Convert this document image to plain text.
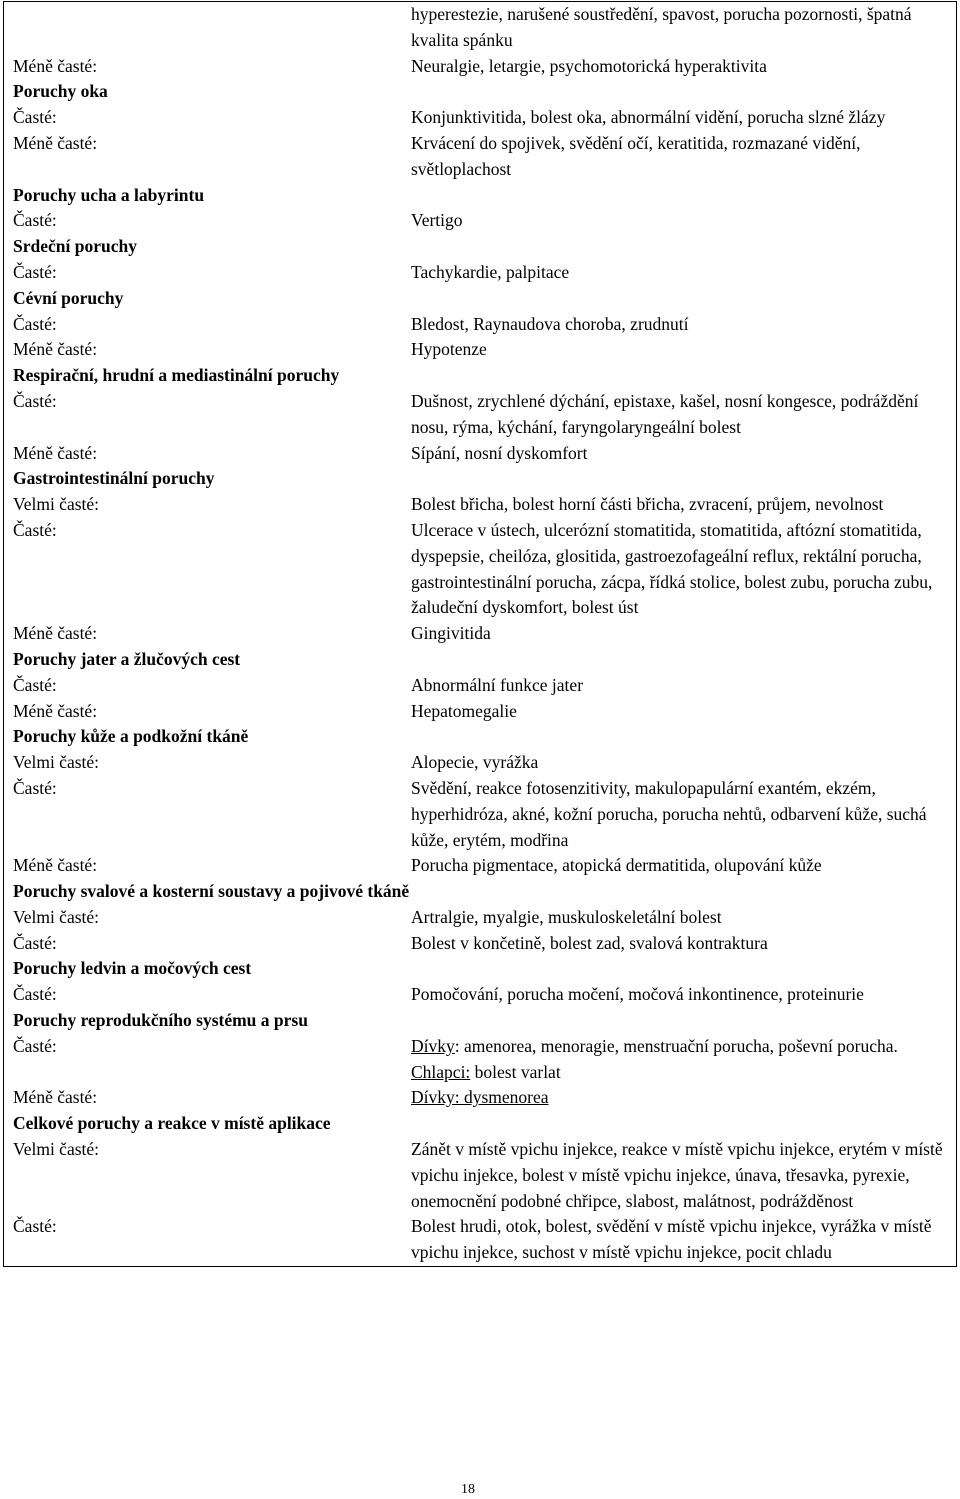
hyperestezie, narušené soustředění, spavost, porucha pozornosti, špatná kvalita spánku
Méně časté:	Neuralgie, letargie, psychomotorická hyperaktivita
Poruchy oka
Časté:	Konjunktivitida, bolest oka, abnormální vidění, porucha slzné žlázy
Méně časté:	Krvácení do spojivek, svědění očí, keratitida, rozmazané vidění, světloplachost
Poruchy ucha a labyrintu
Časté:	Vertigo
Srdeční poruchy
Časté:	Tachykardie, palpitace
Cévní poruchy
Časté:	Bledost, Raynaudova choroba, zrudnutí
Méně časté:	Hypotenze
Respirační, hrudní a mediastinální poruchy
Časté:	Dušnost, zrychlené dýchání, epistaxe, kašel, nosní kongesce, podráždění nosu, rýma, kýchání, faryngolaryngeální bolest
Méně časté:	Sípání, nosní dyskomfort
Gastrointestinální poruchy
Velmi časté:	Bolest břicha, bolest horní části břicha, zvracení, průjem, nevolnost
Časté:	Ulcerace v ústech, ulcerózní stomatitida, stomatitida, aftózní stomatitida, dyspepsie, cheilóza, glositida, gastroezofageální reflux, rektální porucha, gastrointestinální porucha, zácpa, řídká stolice, bolest zubu, porucha zubu, žaludeční dyskomfort, bolest úst
Méně časté:	Gingivitida
Poruchy jater a žlučových cest
Časté:	Abnormální funkce jater
Méně časté:	Hepatomegalie
Poruchy kůže a podkožní tkáně
Velmi časté:	Alopecie, vyrážka
Časté:	Svědění, reakce fotosenzitivity, makulopapulární exantém, ekzém, hyperhidróza, akné, kožní porucha, porucha nehtů, odbarvení kůže, suchá kůže, erytém, modřina
Méně časté:	Porucha pigmentace, atopická dermatitida, olupování kůže
Poruchy svalové a kosterní soustavy a pojivové tkáně
Velmi časté:	Artralgie, myalgie, muskuloskeletální bolest
Časté:	Bolest v končetině, bolest zad, svalová kontraktura
Poruchy ledvin a močových cest
Časté:	Pomočování, porucha močení, močová inkontinence, proteinurie
Poruchy reprodukčního systému a prsu
Časté:	Dívky: amenorea, menoragie, menstruační porucha, poševní porucha. Chlapci: bolest varlat
Méně časté:	Dívky: dysmenorea
Celkové poruchy a reakce v místě aplikace
Velmi časté:	Zánět v místě vpichu injekce, reakce v místě vpichu injekce, erytém v místě vpichu injekce, bolest v místě vpichu injekce, únava, třesavka, pyrexie, onemocnění podobné chřipce, slabost, malátnost, podrážděnost
Časté:	Bolest hrudi, otok, bolest, svědění v místě vpichu injekce, vyrážka v místě vpichu injekce, suchost v místě vpichu injekce, pocit chladu
18
